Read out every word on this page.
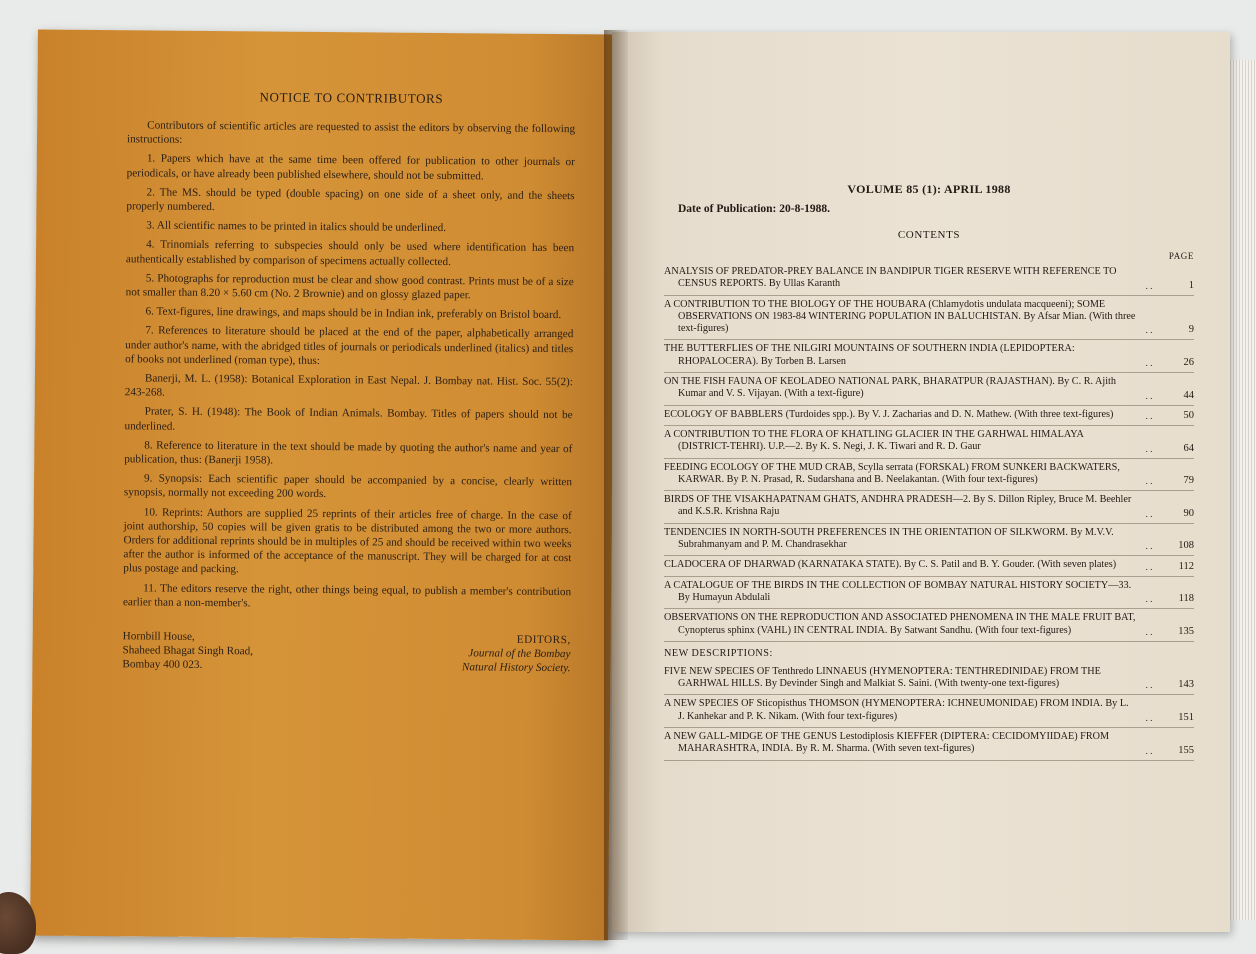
NOTICE TO CONTRIBUTORS

Contributors of scientific articles are requested to assist the editors by observing the following instructions:

1. Papers which have at the same time been offered for publication to other journals or periodicals, or have already been published elsewhere, should not be submitted.

2. The MS. should be typed (double spacing) on one side of a sheet only, and the sheets properly numbered.

3. All scientific names to be printed in italics should be underlined.

4. Trinomials referring to subspecies should only be used where identification has been authentically established by comparison of specimens actually collected.

5. Photographs for reproduction must be clear and show good contrast. Prints must be of a size not smaller than 8.20 × 5.60 cm (No. 2 Brownie) and on glossy glazed paper.

6. Text-figures, line drawings, and maps should be in Indian ink, preferably on Bristol board.

7. References to literature should be placed at the end of the paper, alphabetically arranged under author's name, with the abridged titles of journals or periodicals underlined (italics) and titles of books not underlined (roman type), thus:

Banerji, M. L. (1958): Botanical Exploration in East Nepal. J. Bombay nat. Hist. Soc. 55(2): 243-268.

Prater, S. H. (1948): The Book of Indian Animals. Bombay. Titles of papers should not be underlined.

8. Reference to literature in the text should be made by quoting the author's name and year of publication, thus: (Banerji 1958).

9. Synopsis: Each scientific paper should be accompanied by a concise, clearly written synopsis, normally not exceeding 200 words.

10. Reprints: Authors are supplied 25 reprints of their articles free of charge. In the case of joint authorship, 50 copies will be given gratis to be distributed among the two or more authors. Orders for additional reprints should be in multiples of 25 and should be received within two weeks after the author is informed of the acceptance of the manuscript. They will be charged for at cost plus postage and packing.

11. The editors reserve the right, other things being equal, to publish a member's contribution earlier than a non-member's.

Hornbill House,
Shaheed Bhagat Singh Road,
Bombay 400 023.
EDITORS,
Journal of the Bombay
Natural History Society.
VOLUME 85 (1): APRIL 1988
Date of Publication: 20-8-1988.
CONTENTS
PAGE
ANALYSIS OF PREDATOR-PREY BALANCE IN BANDIPUR TIGER RESERVE WITH REFERENCE TO CENSUS REPORTS. By Ullas Karanth	. .	1
A CONTRIBUTION TO THE BIOLOGY OF THE HOUBARA (Chlamydotis undulata macqueeni); SOME OBSERVATIONS ON 1983-84 WINTERING POPULATION IN BALUCHISTAN. By Afsar Mian. (With three text-figures)	. .	9
THE BUTTERFLIES OF THE NILGIRI MOUNTAINS OF SOUTHERN INDIA (LEPIDOPTERA: RHOPALOCERA). By Torben B. Larsen	. .	26
ON THE FISH FAUNA OF KEOLADEO NATIONAL PARK, BHARATPUR (RAJASTHAN). By C. R. Ajith Kumar and V. S. Vijayan. (With a text-figure)	. .	44
ECOLOGY OF BABBLERS (Turdoides spp.). By V. J. Zacharias and D. N. Mathew. (With three text-figures)	. .	50
A CONTRIBUTION TO THE FLORA OF KHATLING GLACIER IN THE GARHWAL HIMALAYA (DISTRICT-TEHRI). U.P.—2. By K. S. Negi, J. K. Tiwari and R. D. Gaur	. .	64
FEEDING ECOLOGY OF THE MUD CRAB, Scylla serrata (FORSKAL) FROM SUNKERI BACKWATERS, KARWAR. By P. N. Prasad, R. Sudarshana and B. Neelakantan. (With four text-figures)	. .	79
BIRDS OF THE VISAKHAPATNAM GHATS, ANDHRA PRADESH—2. By S. Dillon Ripley, Bruce M. Beehler and K.S.R. Krishna Raju	. .	90
TENDENCIES IN NORTH-SOUTH PREFERENCES IN THE ORIENTATION OF SILKWORM. By M.V.V. Subrahmanyam and P. M. Chandrasekhar	. .	108
CLADOCERA OF DHARWAD (KARNATAKA STATE). By C. S. Patil and B. Y. Gouder. (With seven plates)	. .	112
A CATALOGUE OF THE BIRDS IN THE COLLECTION OF BOMBAY NATURAL HISTORY SOCIETY—33. By Humayun Abdulali	. .	118
OBSERVATIONS ON THE REPRODUCTION AND ASSOCIATED PHENOMENA IN THE MALE FRUIT BAT, Cynopterus sphinx (VAHL) IN CENTRAL INDIA. By Satwant Sandhu. (With four text-figures)	. .	135
NEW DESCRIPTIONS:
FIVE NEW SPECIES OF Tenthredo LINNAEUS (HYMENOPTERA: TENTHREDINIDAE) FROM THE GARHWAL HILLS. By Devinder Singh and Malkiat S. Saini. (With twenty-one text-figures)	. .	143
A NEW SPECIES OF Sticopisthus THOMSON (HYMENOPTERA: ICHNEUMONIDAE) FROM INDIA. By L. J. Kanhekar and P. K. Nikam. (With four text-figures)	. .	151
A NEW GALL-MIDGE OF THE GENUS Lestodiplosis KIEFFER (DIPTERA: CECIDOMYIIDAE) FROM MAHARASHTRA, INDIA. By R. M. Sharma. (With seven text-figures)	. .	155
